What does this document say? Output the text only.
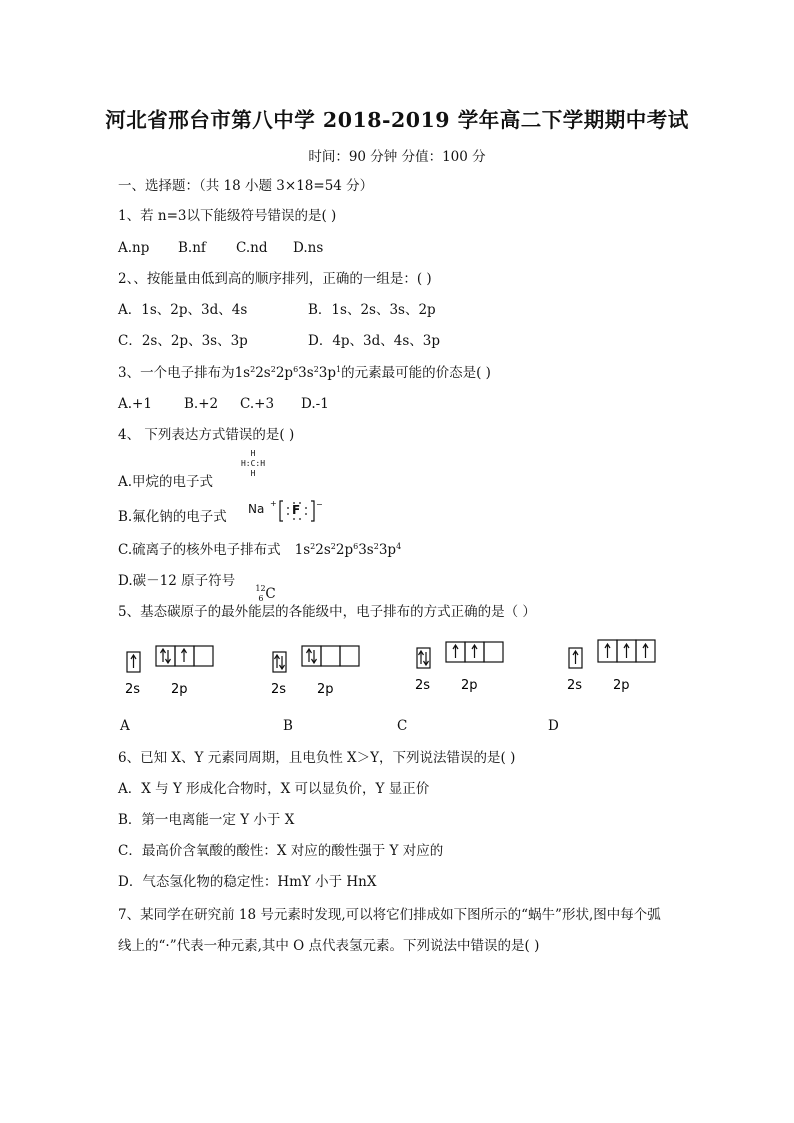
河北省邢台市第八中学 2018-2019 学年高二下学期期中考试
时间：90 分钟 分值：100 分
一、选择题：（共 18 小题 3×18=54 分）
1、若 n=3以下能级符号错误的是( )
A.np B.nf C.nd D.ns
2、、按能量由低到高的顺序排列，正确的一组是：( )
A．1s、2p、3d、4s	B．1s、2s、3s、2p
C．2s、2p、3s、3p	D．4p、3d、4s、3p
3、一个电子排布为$1s^22s^22p^63s^23p^1$的元素最可能的价态是( )
A.+1 B.+2 C.+3 D.-1
4、 下列表达方式错误的是( )
A.甲烷的电子式
H
H:C:H
H
B.氟化钠的电子式 Na +	−
F
C.硫离子的核外电子排布式 $1s^22s^22p^63s^23p^4$
D.碳－12 原子符号	12
6 C
5、基态碳原子的最外能层的各能级中，电子排布的方式正确的是（ ）
2s 2p	2s 2p	2s 2p	2s 2p
A	B	C	D
6、已知 X、Y 元素同周期，且电负性 X＞Y，下列说法错误的是( )
A．X 与 Y 形成化合物时，X 可以显负价，Y 显正价
B．第一电离能一定 Y 小于 X
C．最高价含氧酸的酸性：X 对应的酸性强于 Y 对应的
D．气态氢化物的稳定性：HmY 小于 HnX
7、某同学在研究前 18 号元素时发现,可以将它们排成如下图所示的“蜗牛”形状,图中每个弧
线上的“·”代表一种元素,其中 O 点代表氢元素。下列说法中错误的是( )
